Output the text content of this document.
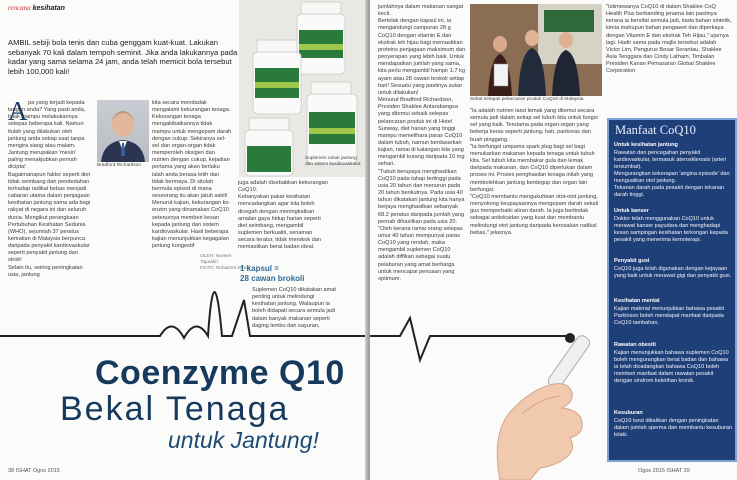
rencana kesihatan
AMBIL sebiji bola tenis dan cuba genggam kuat-kuat. Lakukan sebanyak 70 kali dalam tempoh seminit. Jika anda lakukannya pada kadar yang sama selama 24 jam, anda telah memicit bola tersebut lebih 100,000 kali!
A pa yang terjadi kepada tangan anda? Yang pasti anda, tidak mampu melakukannya selepas beberapa kali. Namun itulah yang dilakukan oleh jantung anda setiap saat tanpa mengira siang atau malam. Jantung merupakan 'mesin' paling menakjubkan pernah dicipta!
Bagaimanapun faktor seperti diet tidak seimbang dan pendedahan terhadap radikal bebas menjadi cabaran utama dalam penjagaan kesihatan jantung sama ada bagi rakyat di negara ini dan seluruh dunia. Mengikut perangkaan Pertubuhan Kesihatan Sedunia (WHO), sejumlah 37 peratus kematian di Malaysia berpunca daripada penyakit kardiovaskular seperti penyakit jantung dan strok!
Selain itu, seiring peningkatan usia, jantung
Bradford Richardson
kita secara mendadak mengalami kekurangan tenaga. Kekurangan tenaga mengakibatkannya tidak mampu untuk mengepam darah dengan cukup. Sekiranya sel-sel dan organ-organ tidak memperoleh oksigen dan nutrien dengan cukup, kejadian pertama yang akan berlaku ialah anda berasa letih dan tidak bermaya. Di situlah bermula episod di mana seseorang itu akan jatuh sakit!
Menurut kajian, kekurangan ko-enzim yang dinamakan CoQ10 seterusnya memberi kesan kepada jantung dan sistem kardiovaskular. Hasil beberapa kajian menunjukkan kegagalan jantung kongestif
Suplemen untuk jantung dan sistem kardiovaskular.
juga adalah disebabkan kekurangan CoQ10.
Kebanyakan pakar kesihatan mencadangkan agar kita boleh dicegah dengan meningkatkan amalan gaya hidup harian seperti diet seimbang, mengambil suplemen berkualiti, senaman secara teratur, tidak merokok dan memastikan berat badan ideal.
OLEH: Noreen Tajuddin
FOTO: Rohaizmi Ismail
1 kapsul =
28 cawan brokoli
Suplemen CoQ10 dikatakan amat penting untuk melindungi kesihatan jantung. Walaupun ia boleh didapati secara semula jadi dalam banyak makanan seperti daging lembu dan sayuran,
Coenzyme Q10
Bekal Tenaga
untuk Jantung!
38 ISHAT Ogos 2015
jumlahnya dalam makanan sangat kecil.
Bertolak dengan kapsul ini, ia mengandungi campuran 28 g CoQ10 dengan vitamin E dan ekstrak teh hijau bagi memastikan proteins penjagaan maksimum dan penyerapan yang lebih baik. Untuk mendapatkan jumlah yang sama, kita perlu mengambil hampir 1.7 kg ayam atau 28 cawan brokoli setiap hari! Sesuatu yang pastinya sukar untuk dilakukan!
Menurut Bradford Richardson, Presiden Shaklee Antarabangsa yang ditemui sebaik selepas pelancaran produk ini di Hotel Sunway, diet harian yang tinggi mampu memelihara paras CoQ10 dalam tubuh, namun berdasarkan kajian, ramai di kalangan kita yang mengambil kurang daripada 10 mg sehari.
"Tubuh berupaya menghasilkan CoQ10 pada tahap tertinggi pada usia 20 tahun dan menurun pada 20 tahun berikutnya. Pada usia 40 tahun dikatakan jantung kita hanya berjaya menghasilkan sebanyak 68.2 peratus daripada jumlah yang pernah dihasilkan pada usia 20.
"Oleh kerana ramai orang selepas umur 40 tahun mempunyai paras CoQ10 yang rendah, maka mengambil suplemen CoQ10 adalah diffikan sebagai suatu pelaburan yang amat berharga untuk mencapai penuaan yang optimum.
Sebat selepas pelancaran produk CoQ10 di Malaysia.
"Istimewanya CoQ10 di dalam Shaklee CoQ Health Plus berbanding jenama lain pastinya kerana ia bersifat semula jadi, tiada bahan sintetik, kimia mahupun bahan pengawet dan diperkaya dengan Vitamin E dan ekstrak Teh Hijau," ujarnya lagi. Hadir sama pada majlis tersebut adalah Victor Lim, Pengurus Besar Serantau, Shaklee Asia Tenggara dan Cindy Latham, Timbalan Presiden Kanan Pemasaran Global Shaklee Corporation
"Ia adalah nutrien larut lemak yang ditemui secara semula jadi dalam setiap sel tubuh kita untuk fungsi sel yang baik. Terutama pada organ-organ yang bekerja keras seperti jantung, hati, pankreas dan buah pinggang.
"Ia berfungsi umpama spark plug bagi sel bagi menukarkan makanan kepada tenaga untuk tubuh kita. Sel tubuh kita membakar gula dan lemak daripada makanan, dan CoQ10 diperlukan dalam proses ini. Proses penghasilan tenaga inilah yang membolehkan jantung berdegup dan organ lain berfungsi.
"CoQ10 membantu mengukuhkan otot-otot jantung, menyokong keupayaannya mengepam darah sekali gus memperbaiki aliran darah. Ia juga bertindak sebagai antioksidan yang kuat dan membantu melindungi otot jantung daripada kerosakan radikal bebas," jelasnya.
Manfaat CoQ10
Untuk kesihatan jantung
Rawatan dan pencegahan penyakit kardiovaskular, termasuk aterosklerosis (arteri tersumbat).
Mengurangkan kekerapan 'angina episode' dan menguatkan otot jantung.
Tekanan darah pada pesakit dengan tekanan darah tinggi.
Untuk kanser
Doktor telah menggunakan CoQ10 untuk merawat kanser payudara dan menghadapi kesan sampingan kesihatan terkongan kepada pesakit yang menerima kemoterapi.
Penyakit gusi
CoQ10 juga telah digunakan dengan kejayaan yang baik untuk merawat gigi dan penyakit gusi.
Kesihatan mental
Kajian makmal menunjukkan bahawa pesakit Parkinson boleh mendapat manfaat daripada CoQ10 tambahan.
Rawatan obesiti
Kajian menunjukkan bahawa suplemen CoQ10 boleh mengurangkan berat badan dan bahawa ia telah dicadangkan bahawa CoQ10 boleh memberi manfaat dalam rawatan pesakit dengan sindrom keletihan kronik.
Kesuburan
CoQ10 turut dikaitkan dengan peningkatan dalam jumlah sperma dan membantu kesuburan lelaki.
Ogos 2015 ISHAT 39
